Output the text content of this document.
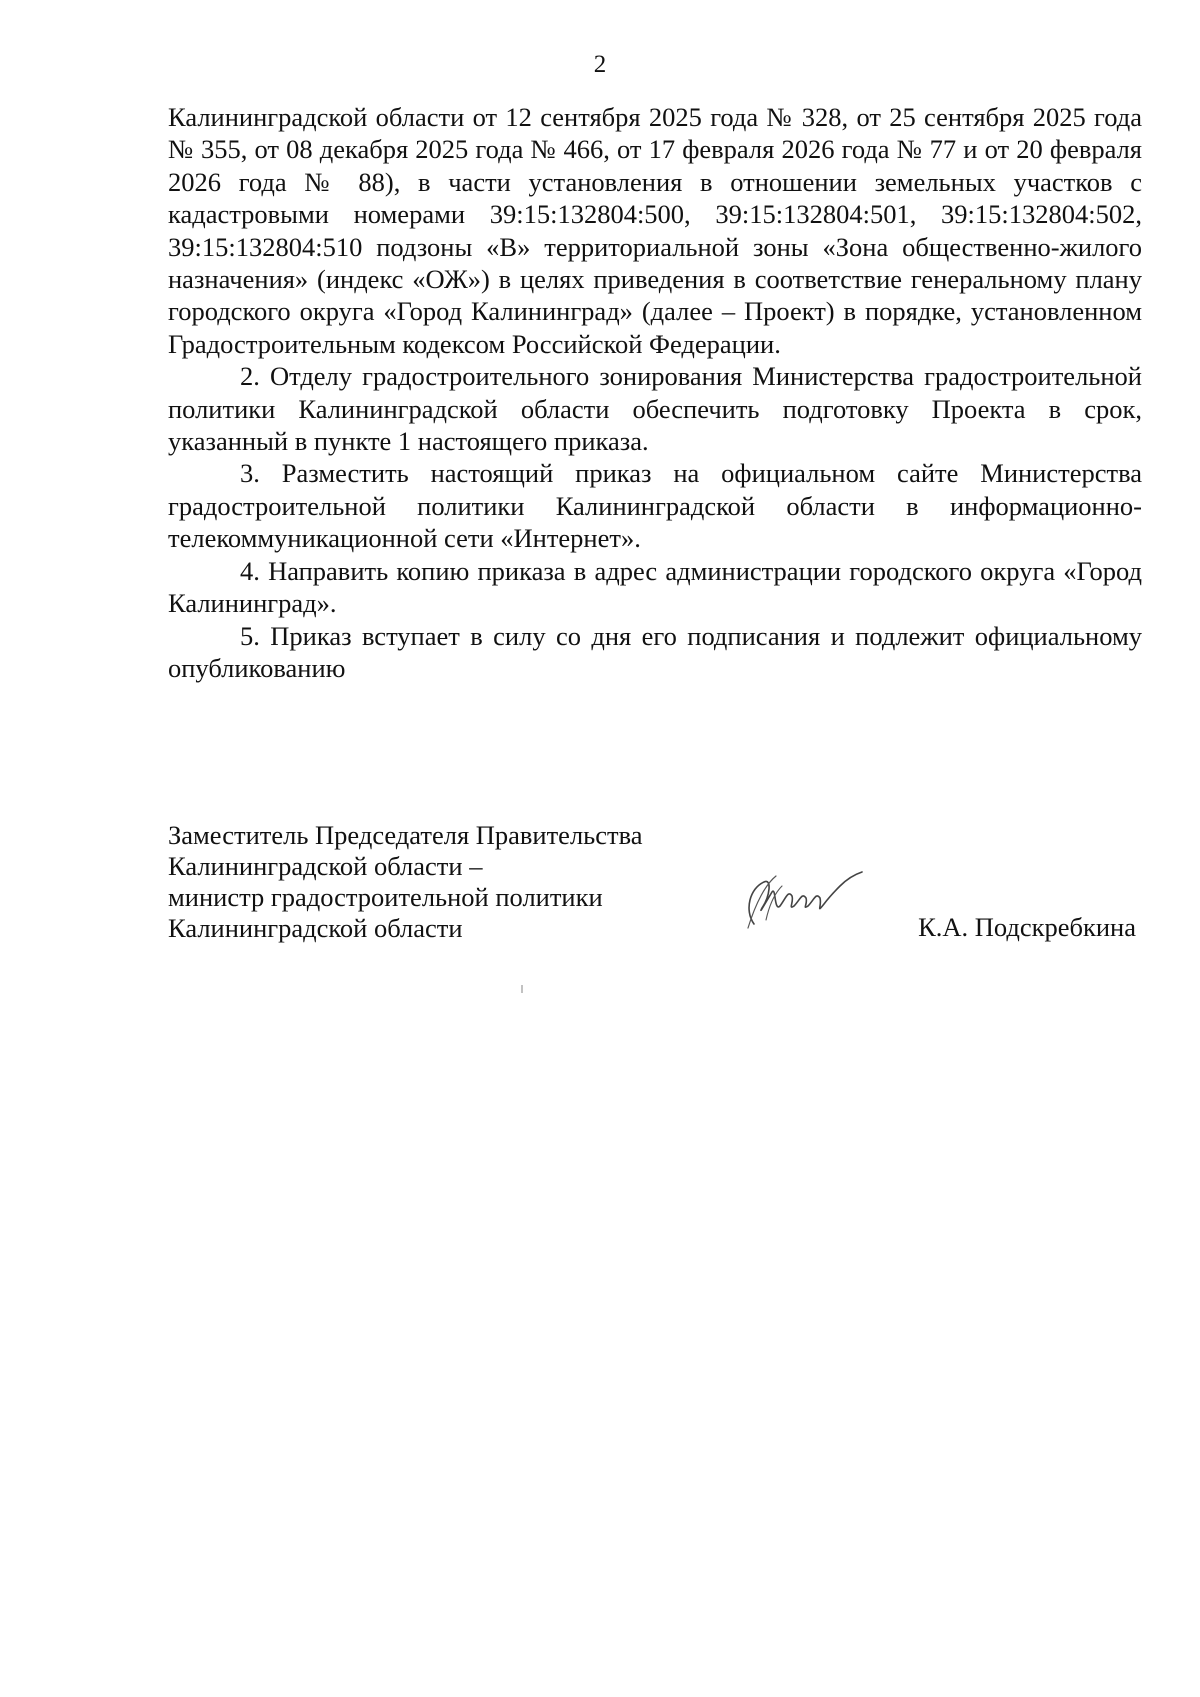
2

Калининградской области от 12 сентября 2025 года № 328, от 25 сентября 2025 года № 355, от 08 декабря 2025 года № 466, от 17 февраля 2026 года № 77 и от 20 февраля 2026 года № 88), в части установления в отношении земельных участков с кадастровыми номерами 39:15:132804:500, 39:15:132804:501, 39:15:132804:502, 39:15:132804:510 подзоны «В» территориальной зоны «Зона общественно-жилого назначения» (индекс «ОЖ») в целях приведения в соответствие генеральному плану городского округа «Город Калининград» (далее – Проект) в порядке, установленном Градостроительным кодексом Российской Федерации.

2. Отделу градостроительного зонирования Министерства градостроительной политики Калининградской области обеспечить подготовку Проекта в срок, указанный в пункте 1 настоящего приказа.

3. Разместить настоящий приказ на официальном сайте Министерства градостроительной политики Калининградской области в информационно-телекоммуникационной сети «Интернет».

4. Направить копию приказа в адрес администрации городского округа «Город Калининград».

5. Приказ вступает в силу со дня его подписания и подлежит официальному опубликованию

Заместитель Председателя Правительства
Калининградской области –
министр градостроительной политики
Калининградской области	К.А. Подскребкина
